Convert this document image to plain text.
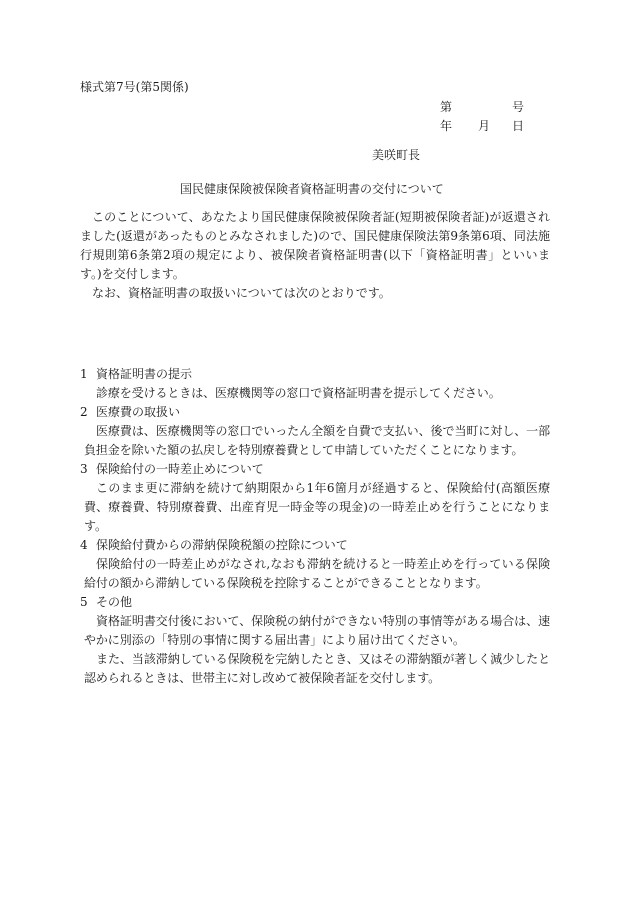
様式第7号(第5関係)
第	号
年 月 日
美咲町長
国民健康保険被保険者資格証明書の交付について

このことについて、あなたより国民健康保険被保険者証(短期被保険者証)が返還されました(返還があったものとみなされました)ので、国民健康保険法第9条第6項、同法施行規則第6条第2項の規定により、被保険者資格証明書(以下「資格証明書」といいます。)を交付します。

なお、資格証明書の取扱いについては次のとおりです。

1 資格証明書の提示

診療を受けるときは、医療機関等の窓口で資格証明書を提示してください。

2 医療費の取扱い

医療費は、医療機関等の窓口でいったん全額を自費で支払い、後で当町に対し、一部負担金を除いた額の払戻しを特別療養費として申請していただくことになります。

3 保険給付の一時差止めについて

このまま更に滞納を続けて納期限から1年6箇月が経過すると、保険給付(高額医療費、療養費、特別療養費、出産育児一時金等の現金)の一時差止めを行うことになります。

4 保険給付費からの滞納保険税額の控除について

保険給付の一時差止めがなされ,なおも滞納を続けると一時差止めを行っている保険給付の額から滞納している保険税を控除することができることとなります。

5 その他

資格証明書交付後において、保険税の納付ができない特別の事情等がある場合は、速やかに別添の「特別の事情に関する届出書」により届け出てください。

また、当該滞納している保険税を完納したとき、又はその滞納額が著しく減少したと認められるときは、世帯主に対し改めて被保険者証を交付します。
